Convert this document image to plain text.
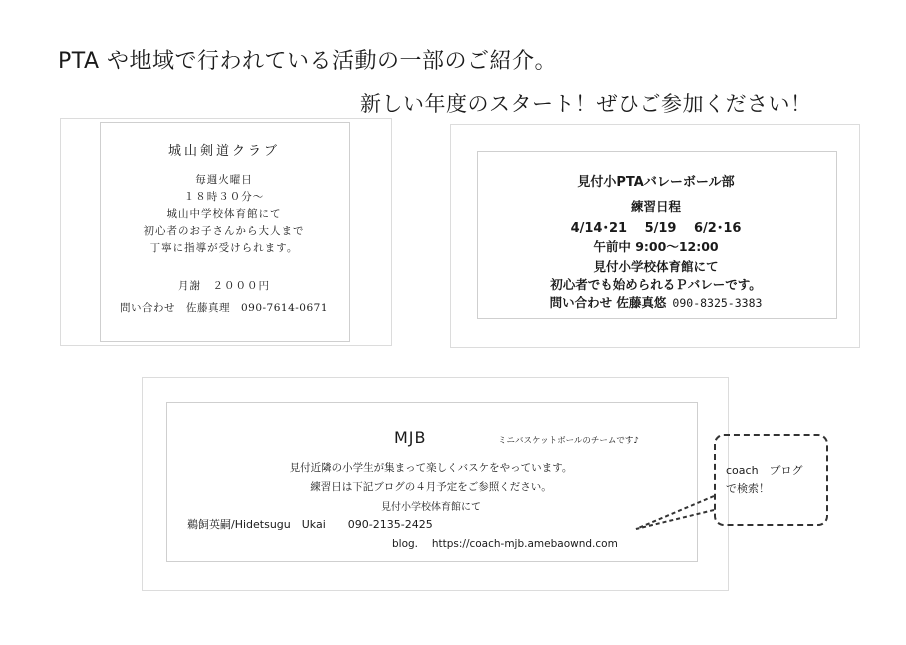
PTA や地域で行われている活動の一部のご紹介。
新しい年度のスタート！ぜひご参加ください！
城山剣道クラブ
毎週火曜日
１８時３０分～
城山中学校体育館にて
初心者のお子さんから大人まで
丁寧に指導が受けられます。
月謝　２０００円
問い合わせ　佐藤真理　090-7614-0671
見付小PTAバレーボール部
練習日程
4/14･21　 5/19　 6/2･16
午前中 9:00～12:00
見付小学校体育館にて
初心者でも始められるＰバレーです。
問い合わせ 佐藤真悠 090-8325-3383
MJB	ミニバスケットボールのチームです♪
見付近隣の小学生が集まって楽しくバスケをやっています。
練習日は下記ブログの４月予定をご参照ください。
見付小学校体育館にて
鵜飼英嗣/Hidetsugu　Ukai　　090-2135-2425
blog.　 https://coach-mjb.amebaownd.com
coach　ブログ
で検索！
